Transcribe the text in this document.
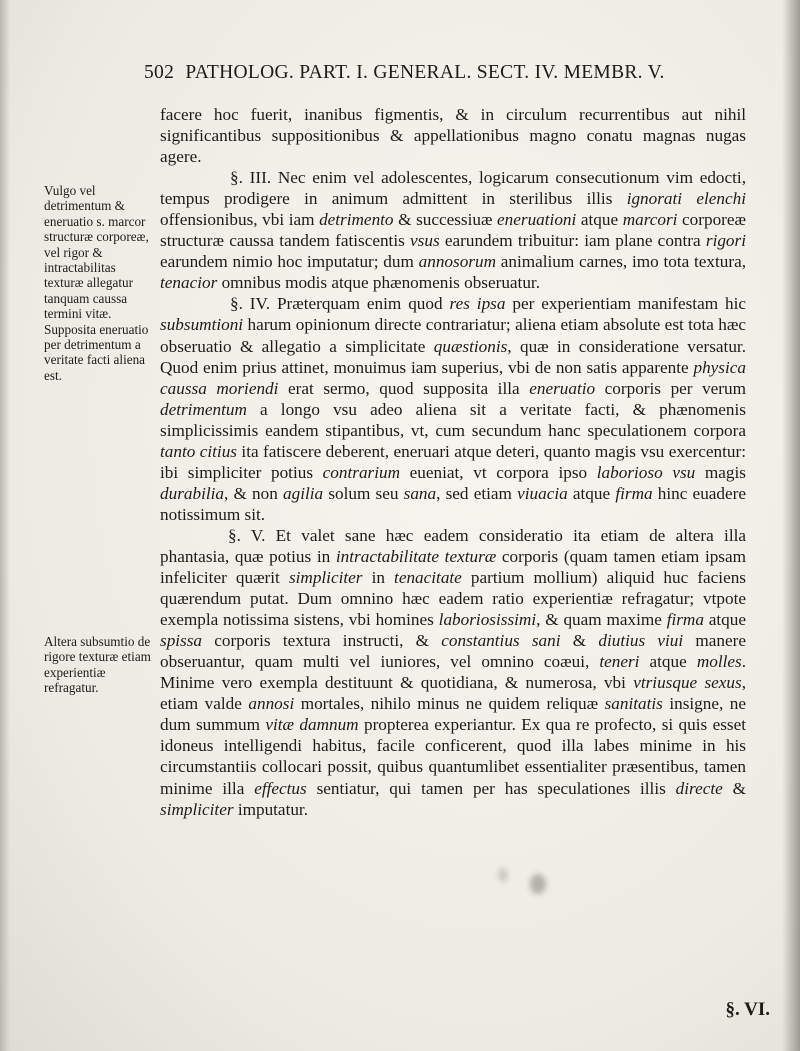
502 PATHOLOG. PART. I. GENERAL. SECT. IV. MEMBR. V.
Vulgo vel detrimentum & eneruatio s. marcor structuræ corporeæ, vel rigor & intractabilitas texturæ allegatur tanquam caussa termini vitæ. Supposita eneruatio per detrimentum a veritate facti aliena est.
Altera subsumtio de rigore texturæ etiam experientiæ refragatur.

facere hoc fuerit, inanibus figmentis, & in circulum recurrentibus aut nihil significantibus suppositionibus & appellationibus magno conatu magnas nugas agere.

§. III. Nec enim vel adolescentes, logicarum consecutionum vim edocti, tempus prodigere in animum admittent in sterilibus illis ignorati elenchi offensionibus, vbi iam detrimento & successiuæ eneruationi atque marcori corporeæ structuræ caussa tandem fatiscentis vsus earundem tribuitur: iam plane contra rigori earundem nimio hoc imputatur; dum annosorum animalium carnes, imo tota textura, tenacior omnibus modis atque phænomenis obseruatur.

§. IV. Præterquam enim quod res ipsa per experientiam manifestam hic subsumtioni harum opinionum directe contrariatur; aliena etiam absolute est tota hæc obseruatio & allegatio a simplicitate quæstionis, quæ in consideratione versatur. Quod enim prius attinet, monuimus iam superius, vbi de non satis apparente physica caussa moriendi erat sermo, quod supposita illa eneruatio corporis per verum detrimentum a longo vsu adeo aliena sit a veritate facti, & phænomenis simplicissimis eandem stipantibus, vt, cum secundum hanc speculationem corpora tanto citius ita fatiscere deberent, eneruari atque deteri, quanto magis vsu exercentur: ibi simpliciter potius contrarium eueniat, vt corpora ipso laborioso vsu magis durabilia, & non agilia solum seu sana, sed etiam viuacia atque firma hinc euadere notissimum sit.

§. V. Et valet sane hæc eadem consideratio ita etiam de altera illa phantasia, quæ potius in intractabilitate texturæ corporis (quam tamen etiam ipsam infeliciter quærit simpliciter in tenacitate partium mollium) aliquid huc faciens quærendum putat. Dum omnino hæc eadem ratio experientiæ refragatur; vtpote exempla notissima sistens, vbi homines laboriosissimi, & quam maxime firma atque spissa corporis textura instructi, & constantius sani & diutius viui manere obseruantur, quam multi vel iuniores, vel omnino coæui, teneri atque molles. Minime vero exempla destituunt & quotidiana, & numerosa, vbi vtriusque sexus, etiam valde annosi mortales, nihilo minus ne quidem reliquæ sanitatis insigne, ne dum summum vitæ damnum propterea experiantur. Ex qua re profecto, si quis esset idoneus intelligendi habitus, facile conficerent, quod illa labes minime in his circumstantiis collocari possit, quibus quantumlibet essentialiter præsentibus, tamen minime illa effectus sentiatur, qui tamen per has speculationes illis directe & simpliciter imputatur.

§. VI.
